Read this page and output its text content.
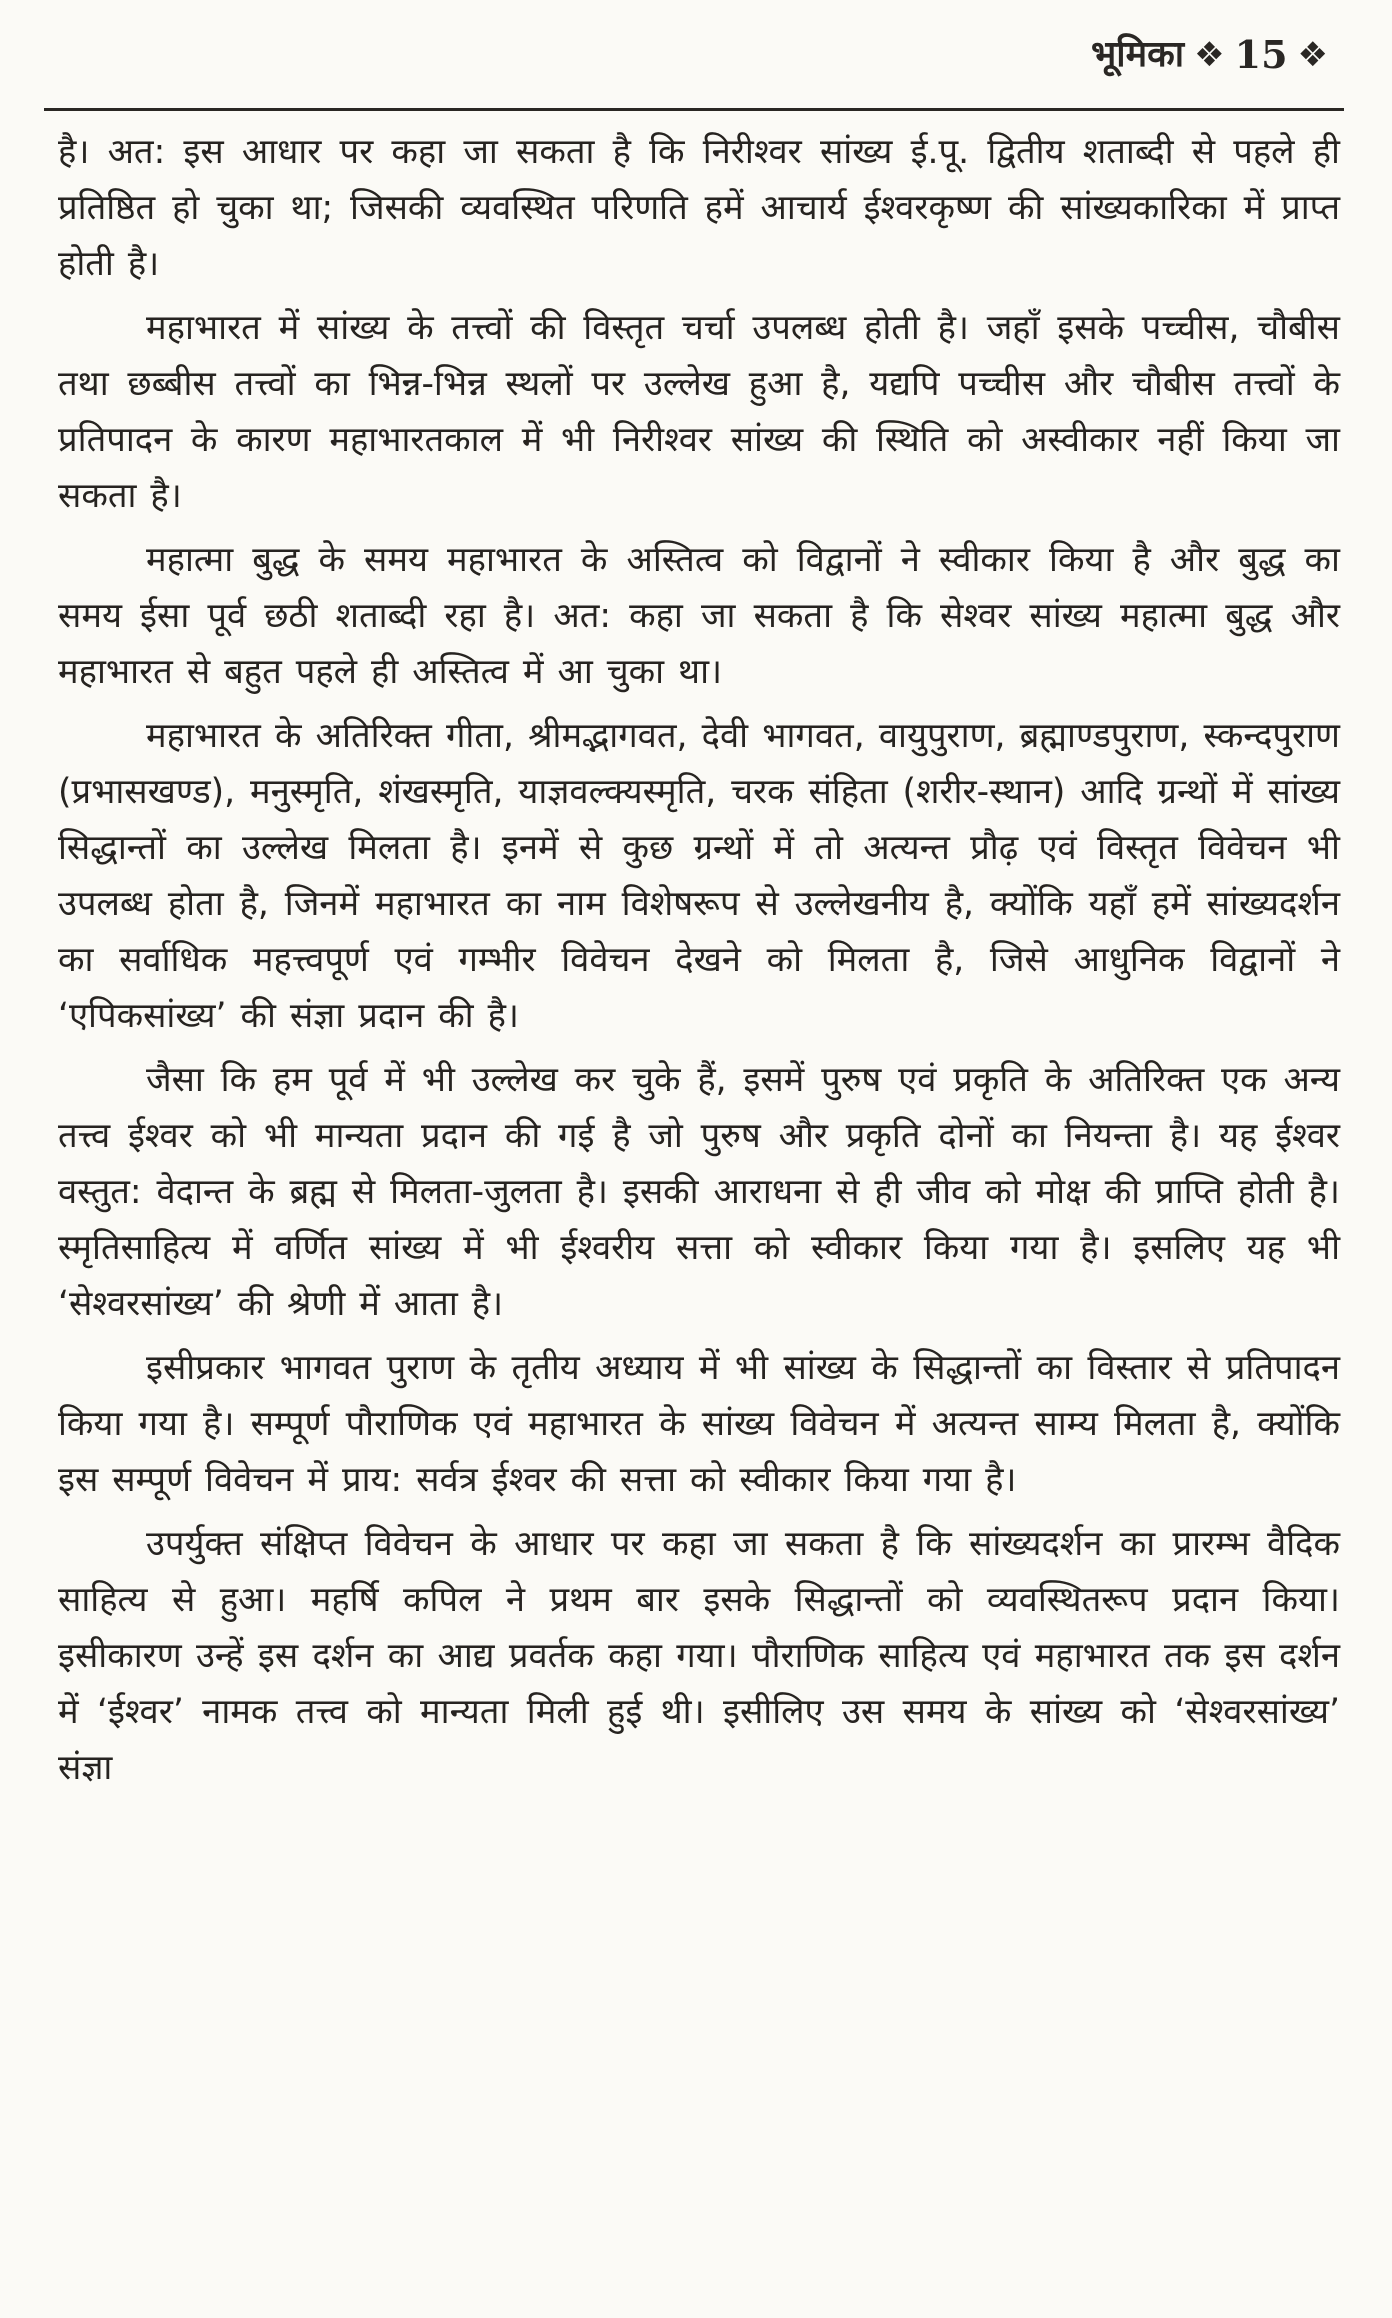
भूमिका ❖ 15 ❖

है। अत: इस आधार पर कहा जा सकता है कि निरीश्वर सांख्य ई.पू. द्वितीय शताब्दी से पहले ही प्रतिष्ठित हो चुका था; जिसकी व्यवस्थित परिणति हमें आचार्य ईश्वरकृष्ण की सांख्यकारिका में प्राप्त होती है।

महाभारत में सांख्य के तत्त्वों की विस्तृत चर्चा उपलब्ध होती है। जहाँ इसके पच्चीस, चौबीस तथा छब्बीस तत्त्वों का भिन्न-भिन्न स्थलों पर उल्लेख हुआ है, यद्यपि पच्चीस और चौबीस तत्त्वों के प्रतिपादन के कारण महाभारतकाल में भी निरीश्वर सांख्य की स्थिति को अस्वीकार नहीं किया जा सकता है।

महात्मा बुद्ध के समय महाभारत के अस्तित्व को विद्वानों ने स्वीकार किया है और बुद्ध का समय ईसा पूर्व छठी शताब्दी रहा है। अत: कहा जा सकता है कि सेश्वर सांख्य महात्मा बुद्ध और महाभारत से बहुत पहले ही अस्तित्व में आ चुका था।

महाभारत के अतिरिक्त गीता, श्रीमद्भागवत, देवी भागवत, वायुपुराण, ब्रह्माण्डपुराण, स्कन्दपुराण (प्रभासखण्ड), मनुस्मृति, शंखस्मृति, याज्ञवल्क्यस्मृति, चरक संहिता (शरीर-स्थान) आदि ग्रन्थों में सांख्य सिद्धान्तों का उल्लेख मिलता है। इनमें से कुछ ग्रन्थों में तो अत्यन्त प्रौढ़ एवं विस्तृत विवेचन भी उपलब्ध होता है, जिनमें महाभारत का नाम विशेषरूप से उल्लेखनीय है, क्योंकि यहाँ हमें सांख्यदर्शन का सर्वाधिक महत्त्वपूर्ण एवं गम्भीर विवेचन देखने को मिलता है, जिसे आधुनिक विद्वानों ने ‘एपिकसांख्य’ की संज्ञा प्रदान की है।

जैसा कि हम पूर्व में भी उल्लेख कर चुके हैं, इसमें पुरुष एवं प्रकृति के अतिरिक्त एक अन्य तत्त्व ईश्वर को भी मान्यता प्रदान की गई है जो पुरुष और प्रकृति दोनों का नियन्ता है। यह ईश्वर वस्तुत: वेदान्त के ब्रह्म से मिलता-जुलता है। इसकी आराधना से ही जीव को मोक्ष की प्राप्ति होती है। स्मृतिसाहित्य में वर्णित सांख्य में भी ईश्वरीय सत्ता को स्वीकार किया गया है। इसलिए यह भी ‘सेश्वरसांख्य’ की श्रेणी में आता है।

इसीप्रकार भागवत पुराण के तृतीय अध्याय में भी सांख्य के सिद्धान्तों का विस्तार से प्रतिपादन किया गया है। सम्पूर्ण पौराणिक एवं महाभारत के सांख्य विवेचन में अत्यन्त साम्य मिलता है, क्योंकि इस सम्पूर्ण विवेचन में प्राय: सर्वत्र ईश्वर की सत्ता को स्वीकार किया गया है।

उपर्युक्त संक्षिप्त विवेचन के आधार पर कहा जा सकता है कि सांख्यदर्शन का प्रारम्भ वैदिक साहित्य से हुआ। महर्षि कपिल ने प्रथम बार इसके सिद्धान्तों को व्यवस्थितरूप प्रदान किया। इसीकारण उन्हें इस दर्शन का आद्य प्रवर्तक कहा गया। पौराणिक साहित्य एवं महाभारत तक इस दर्शन में ‘ईश्वर’ नामक तत्त्व को मान्यता मिली हुई थी। इसीलिए उस समय के सांख्य को ‘सेश्वरसांख्य’ संज्ञा
